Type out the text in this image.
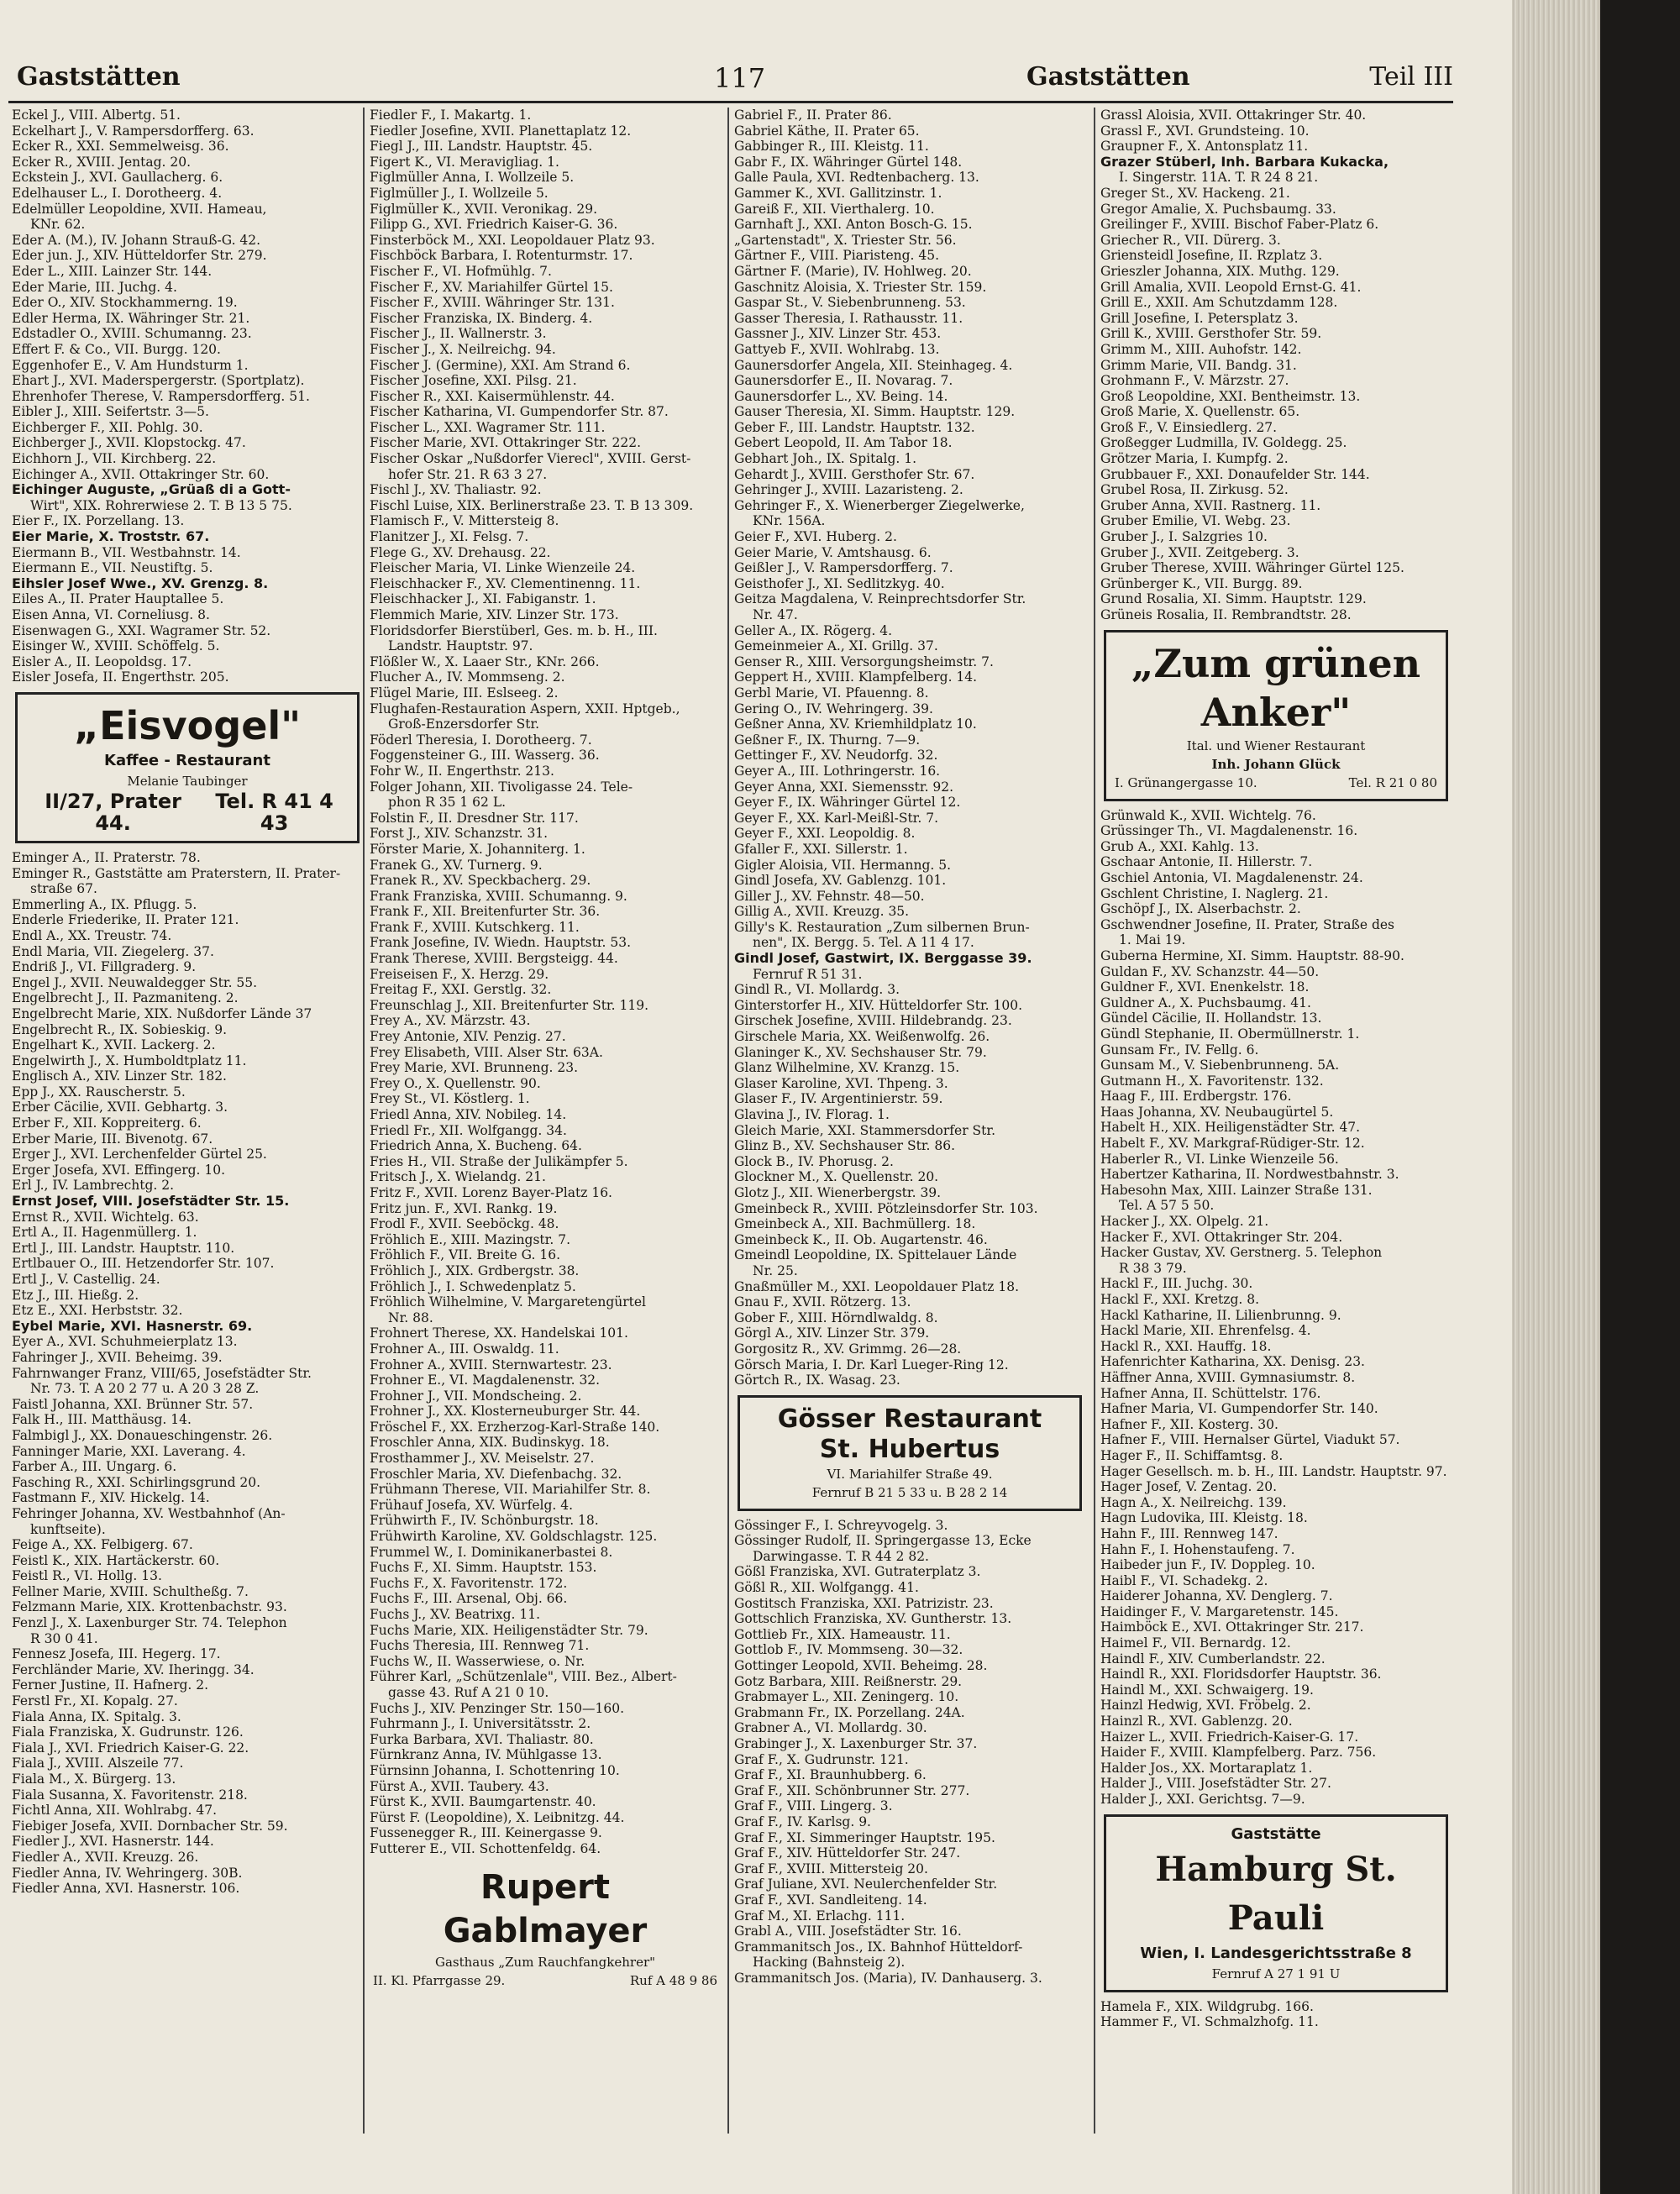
Gaststätten	117	Gaststätten	Teil III
Eckel J., VIII. Albertg. 51.
Eckelhart J., V. Rampersdorfferg. 63.
Ecker R., XXI. Semmelweisg. 36.
Ecker R., XVIII. Jentag. 20.
Eckstein J., XVI. Gaullacherg. 6.
Edelhauser L., I. Dorotheerg. 4.
Edelmüller Leopoldine, XVII. Hameau,
KNr. 62.
Eder A. (M.), IV. Johann Strauß-G. 42.
Eder jun. J., XIV. Hütteldorfer Str. 279.
Eder L., XIII. Lainzer Str. 144.
Eder Marie, III. Juchg. 4.
Eder O., XIV. Stockhammerng. 19.
Edler Herma, IX. Währinger Str. 21.
Edstadler O., XVIII. Schumanng. 23.
Effert F. & Co., VII. Burgg. 120.
Eggenhofer E., V. Am Hundsturm 1.
Ehart J., XVI. Maderspergerstr. (Sportplatz).
Ehrenhofer Therese, V. Rampersdorfferg. 51.
Eibler J., XIII. Seifertstr. 3—5.
Eichberger F., XII. Pohlg. 30.
Eichberger J., XVII. Klopstockg. 47.
Eichhorn J., VII. Kirchberg. 22.
Eichinger A., XVII. Ottakringer Str. 60.
Eichinger Auguste, „Grüaß di a Gott-
Wirt", XIX. Rohrerwiese 2. T. B 13 5 75.
Eier F., IX. Porzellang. 13.
Eier Marie, X. Troststr. 67.
Eiermann B., VII. Westbahnstr. 14.
Eiermann E., VII. Neustiftg. 5.
Eihsler Josef Wwe., XV. Grenzg. 8.
Eiles A., II. Prater Hauptallee 5.
Eisen Anna, VI. Corneliusg. 8.
Eisenwagen G., XXI. Wagramer Str. 52.
Eisinger W., XVIII. Schöffelg. 5.
Eisler A., II. Leopoldsg. 17.
Eisler Josefa, II. Engerthstr. 205.
„Eisvogel"
Kaffee - Restaurant
Melanie Taubinger
II/27, Prater 44.
Tel. R 41 4 43
Eminger A., II. Praterstr. 78.
Eminger R., Gaststätte am Praterstern, II. Prater-
straße 67.
Emmerling A., IX. Pflugg. 5.
Enderle Friederike, II. Prater 121.
Endl A., XX. Treustr. 74.
Endl Maria, VII. Ziegelerg. 37.
Endriß J., VI. Fillgraderg. 9.
Engel J., XVII. Neuwaldegger Str. 55.
Engelbrecht J., II. Pazmaniteng. 2.
Engelbrecht Marie, XIX. Nußdorfer Lände 37
Engelbrecht R., IX. Sobieskig. 9.
Engelhart K., XVII. Lackerg. 2.
Engelwirth J., X. Humboldtplatz 11.
Englisch A., XIV. Linzer Str. 182.
Epp J., XX. Rauscherstr. 5.
Erber Cäcilie, XVII. Gebhartg. 3.
Erber F., XII. Koppreiterg. 6.
Erber Marie, III. Bivenotg. 67.
Erger J., XVI. Lerchenfelder Gürtel 25.
Erger Josefa, XVI. Effingerg. 10.
Erl J., IV. Lambrechtg. 2.
Ernst Josef, VIII. Josefstädter Str. 15.
Ernst R., XVII. Wichtelg. 63.
Ertl A., II. Hagenmüllerg. 1.
Ertl J., III. Landstr. Hauptstr. 110.
Ertlbauer O., III. Hetzendorfer Str. 107.
Ertl J., V. Castellig. 24.
Etz J., III. Hießg. 2.
Etz E., XXI. Herbststr. 32.
Eybel Marie, XVI. Hasnerstr. 69.
Eyer A., XVI. Schuhmeierplatz 13.
Fahringer J., XVII. Beheimg. 39.
Fahrnwanger Franz, VIII/65, Josefstädter Str.
Nr. 73. T. A 20 2 77 u. A 20 3 28 Z.
Faistl Johanna, XXI. Brünner Str. 57.
Falk H., III. Matthäusg. 14.
Falmbigl J., XX. Donaueschingenstr. 26.
Fanninger Marie, XXI. Laverang. 4.
Farber A., III. Ungarg. 6.
Fasching R., XXI. Schirlingsgrund 20.
Fastmann F., XIV. Hickelg. 14.
Fehringer Johanna, XV. Westbahnhof (An-
kunftseite).
Feige A., XX. Felbigerg. 67.
Feistl K., XIX. Hartäckerstr. 60.
Feistl R., VI. Hollg. 13.
Fellner Marie, XVIII. Schultheßg. 7.
Felzmann Marie, XIX. Krottenbachstr. 93.
Fenzl J., X. Laxenburger Str. 74. Telephon
R 30 0 41.
Fennesz Josefa, III. Hegerg. 17.
Ferchländer Marie, XV. Iheringg. 34.
Ferner Justine, II. Hafnerg. 2.
Ferstl Fr., XI. Kopalg. 27.
Fiala Anna, IX. Spitalg. 3.
Fiala Franziska, X. Gudrunstr. 126.
Fiala J., XVI. Friedrich Kaiser-G. 22.
Fiala J., XVIII. Alszeile 77.
Fiala M., X. Bürgerg. 13.
Fiala Susanna, X. Favoritenstr. 218.
Fichtl Anna, XII. Wohlrabg. 47.
Fiebiger Josefa, XVII. Dornbacher Str. 59.
Fiedler J., XVI. Hasnerstr. 144.
Fiedler A., XVII. Kreuzg. 26.
Fiedler Anna, IV. Wehringerg. 30B.
Fiedler Anna, XVI. Hasnerstr. 106.
Fiedler F., I. Makartg. 1.
Fiedler Josefine, XVII. Planettaplatz 12.
Fiegl J., III. Landstr. Hauptstr. 45.
Figert K., VI. Meravigliag. 1.
Figlmüller Anna, I. Wollzeile 5.
Figlmüller J., I. Wollzeile 5.
Figlmüller K., XVII. Veronikag. 29.
Filipp G., XVI. Friedrich Kaiser-G. 36.
Finsterböck M., XXI. Leopoldauer Platz 93.
Fischböck Barbara, I. Rotenturmstr. 17.
Fischer F., VI. Hofmühlg. 7.
Fischer F., XV. Mariahilfer Gürtel 15.
Fischer F., XVIII. Währinger Str. 131.
Fischer Franziska, IX. Binderg. 4.
Fischer J., II. Wallnerstr. 3.
Fischer J., X. Neilreichg. 94.
Fischer J. (Germine), XXI. Am Strand 6.
Fischer Josefine, XXI. Pilsg. 21.
Fischer R., XXI. Kaisermühlenstr. 44.
Fischer Katharina, VI. Gumpendorfer Str. 87.
Fischer L., XXI. Wagramer Str. 111.
Fischer Marie, XVI. Ottakringer Str. 222.
Fischer Oskar „Nußdorfer Vierecl", XVIII. Gerst-
hofer Str. 21. R 63 3 27.
Fischl J., XV. Thaliastr. 92.
Fischl Luise, XIX. Berlinerstraße 23. T. B 13 309.
Flamisch F., V. Mittersteig 8.
Flanitzer J., XI. Felsg. 7.
Flege G., XV. Drehausg. 22.
Fleischer Maria, VI. Linke Wienzeile 24.
Fleischhacker F., XV. Clementinenng. 11.
Fleischhacker J., XI. Fabiganstr. 1.
Flemmich Marie, XIV. Linzer Str. 173.
Floridsdorfer Bierstüberl, Ges. m. b. H., III.
Landstr. Hauptstr. 97.
Flößler W., X. Laaer Str., KNr. 266.
Flucher A., IV. Mommseng. 2.
Flügel Marie, III. Eslseeg. 2.
Flughafen-Restauration Aspern, XXII. Hptgeb.,
Groß-Enzersdorfer Str.
Föderl Theresia, I. Dorotheerg. 7.
Foggensteiner G., III. Wasserg. 36.
Fohr W., II. Engerthstr. 213.
Folger Johann, XII. Tivoligasse 24. Tele-
phon R 35 1 62 L.
Folstin F., II. Dresdner Str. 117.
Forst J., XIV. Schanzstr. 31.
Förster Marie, X. Johanniterg. 1.
Franek G., XV. Turnerg. 9.
Franek R., XV. Speckbacherg. 29.
Frank Franziska, XVIII. Schumanng. 9.
Frank F., XII. Breitenfurter Str. 36.
Frank F., XVIII. Kutschkerg. 11.
Frank Josefine, IV. Wiedn. Hauptstr. 53.
Frank Therese, XVIII. Bergsteigg. 44.
Freiseisen F., X. Herzg. 29.
Freitag F., XXI. Gerstlg. 32.
Freunschlag J., XII. Breitenfurter Str. 119.
Frey A., XV. Märzstr. 43.
Frey Antonie, XIV. Penzig. 27.
Frey Elisabeth, VIII. Alser Str. 63A.
Frey Marie, XVI. Brunneng. 23.
Frey O., X. Quellenstr. 90.
Frey St., VI. Köstlerg. 1.
Friedl Anna, XIV. Nobileg. 14.
Friedl Fr., XII. Wolfgangg. 34.
Friedrich Anna, X. Bucheng. 64.
Fries H., VII. Straße der Julikämpfer 5.
Fritsch J., X. Wielandg. 21.
Fritz F., XVII. Lorenz Bayer-Platz 16.
Fritz jun. F., XVI. Rankg. 19.
Frodl F., XVII. Seeböckg. 48.
Fröhlich E., XIII. Mazingstr. 7.
Fröhlich F., VII. Breite G. 16.
Fröhlich J., XIX. Grdbergstr. 38.
Fröhlich J., I. Schwedenplatz 5.
Fröhlich Wilhelmine, V. Margaretengürtel
Nr. 88.
Frohnert Therese, XX. Handelskai 101.
Frohner A., III. Oswaldg. 11.
Frohner A., XVIII. Sternwartestr. 23.
Frohner E., VI. Magdalenenstr. 32.
Frohner J., VII. Mondscheing. 2.
Frohner J., XX. Klosterneuburger Str. 44.
Fröschel F., XX. Erzherzog-Karl-Straße 140.
Froschler Anna, XIX. Budinskyg. 18.
Frosthammer J., XV. Meiselstr. 27.
Froschler Maria, XV. Diefenbachg. 32.
Frühmann Therese, VII. Mariahilfer Str. 8.
Frühauf Josefa, XV. Würfelg. 4.
Frühwirth F., IV. Schönburgstr. 18.
Frühwirth Karoline, XV. Goldschlagstr. 125.
Frummel W., I. Dominikanerbastei 8.
Fuchs F., XI. Simm. Hauptstr. 153.
Fuchs F., X. Favoritenstr. 172.
Fuchs F., III. Arsenal, Obj. 66.
Fuchs J., XV. Beatrixg. 11.
Fuchs Marie, XIX. Heiligenstädter Str. 79.
Fuchs Theresia, III. Rennweg 71.
Fuchs W., II. Wasserwiese, o. Nr.
Führer Karl, „Schützenlale", VIII. Bez., Albert-
gasse 43. Ruf A 21 0 10.
Fuchs J., XIV. Penzinger Str. 150—160.
Fuhrmann J., I. Universitätsstr. 2.
Furka Barbara, XVI. Thaliastr. 80.
Fürnkranz Anna, IV. Mühlgasse 13.
Fürnsinn Johanna, I. Schottenring 10.
Fürst A., XVII. Taubery. 43.
Fürst K., XVII. Baumgartenstr. 40.
Fürst F. (Leopoldine), X. Leibnitzg. 44.
Fussenegger R., III. Keinergasse 9.
Futterer E., VII. Schottenfeldg. 64.
Rupert Gablmayer
Gasthaus „Zum Rauchfangkehrer"
II. Kl. Pfarrgasse 29.	Ruf A 48 9 86
Gabriel F., II. Prater 86.
Gabriel Käthe, II. Prater 65.
Gabbinger R., III. Kleistg. 11.
Gabr F., IX. Währinger Gürtel 148.
Galle Paula, XVI. Redtenbacherg. 13.
Gammer K., XVI. Gallitzinstr. 1.
Gareiß F., XII. Vierthalerg. 10.
Garnhaft J., XXI. Anton Bosch-G. 15.
„Gartenstadt", X. Triester Str. 56.
Gärtner F., VIII. Piaristeng. 45.
Gärtner F. (Marie), IV. Hohlweg. 20.
Gaschnitz Aloisia, X. Triester Str. 159.
Gaspar St., V. Siebenbrunneng. 53.
Gasser Theresia, I. Rathausstr. 11.
Gassner J., XIV. Linzer Str. 453.
Gattyeb F., XVII. Wohlrabg. 13.
Gaunersdorfer Angela, XII. Steinhageg. 4.
Gaunersdorfer E., II. Novarag. 7.
Gaunersdorfer L., XV. Being. 14.
Gauser Theresia, XI. Simm. Hauptstr. 129.
Geber F., III. Landstr. Hauptstr. 132.
Gebert Leopold, II. Am Tabor 18.
Gebhart Joh., IX. Spitalg. 1.
Gehardt J., XVIII. Gersthofer Str. 67.
Gehringer J., XVIII. Lazaristeng. 2.
Gehringer F., X. Wienerberger Ziegelwerke,
KNr. 156A.
Geier F., XVI. Huberg. 2.
Geier Marie, V. Amtshausg. 6.
Geißler J., V. Rampersdorfferg. 7.
Geisthofer J., XI. Sedlitzkyg. 40.
Geitza Magdalena, V. Reinprechtsdorfer Str.
Nr. 47.
Geller A., IX. Rögerg. 4.
Gemeinmeier A., XI. Grillg. 37.
Genser R., XIII. Versorgungsheimstr. 7.
Geppert H., XVIII. Klampfelberg. 14.
Gerbl Marie, VI. Pfauenng. 8.
Gering O., IV. Wehringerg. 39.
Geßner Anna, XV. Kriemhildplatz 10.
Geßner F., IX. Thurng. 7—9.
Gettinger F., XV. Neudorfg. 32.
Geyer A., III. Lothringerstr. 16.
Geyer Anna, XXI. Siemensstr. 92.
Geyer F., IX. Währinger Gürtel 12.
Geyer F., XX. Karl-Meißl-Str. 7.
Geyer F., XXI. Leopoldig. 8.
Gfaller F., XXI. Sillerstr. 1.
Gigler Aloisia, VII. Hermanng. 5.
Gindl Josefa, XV. Gablenzg. 101.
Giller J., XV. Fehnstr. 48—50.
Gillig A., XVII. Kreuzg. 35.
Gilly's K. Restauration „Zum silbernen Brun-
nen", IX. Bergg. 5. Tel. A 11 4 17.
Gindl Josef, Gastwirt, IX. Berggasse 39.
Fernruf R 51 31.
Gindl R., VI. Mollardg. 3.
Ginterstorfer H., XIV. Hütteldorfer Str. 100.
Girschek Josefine, XVIII. Hildebrandg. 23.
Girschele Maria, XX. Weißenwolfg. 26.
Glaninger K., XV. Sechshauser Str. 79.
Glanz Wilhelmine, XV. Kranzg. 15.
Glaser Karoline, XVI. Thpeng. 3.
Glaser F., IV. Argentinierstr. 59.
Glavina J., IV. Florag. 1.
Gleich Marie, XXI. Stammersdorfer Str.
Glinz B., XV. Sechshauser Str. 86.
Glock B., IV. Phorusg. 2.
Glockner M., X. Quellenstr. 20.
Glotz J., XII. Wienerbergstr. 39.
Gmeinbeck R., XVIII. Pötzleinsdorfer Str. 103.
Gmeinbeck A., XII. Bachmüllerg. 18.
Gmeinbeck K., II. Ob. Augartenstr. 46.
Gmeindl Leopoldine, IX. Spittelauer Lände
Nr. 25.
Gnaßmüller M., XXI. Leopoldauer Platz 18.
Gnau F., XVII. Rötzerg. 13.
Gober F., XIII. Hörndlwaldg. 8.
Görgl A., XIV. Linzer Str. 379.
Gorgositz R., XV. Grimmg. 26—28.
Görsch Maria, I. Dr. Karl Lueger-Ring 12.
Görtch R., IX. Wasag. 23.
Gösser Restaurant
St. Hubertus
VI. Mariahilfer Straße 49.
Fernruf B 21 5 33 u. B 28 2 14
Gössinger F., I. Schreyvogelg. 3.
Gössinger Rudolf, II. Springergasse 13, Ecke
Darwingasse. T. R 44 2 82.
Gößl Franziska, XVI. Gutraterplatz 3.
Gößl R., XII. Wolfgangg. 41.
Gostitsch Franziska, XXI. Patrizistr. 23.
Gottschlich Franziska, XV. Guntherstr. 13.
Gottlieb Fr., XIX. Hameaustr. 11.
Gottlob F., IV. Mommseng. 30—32.
Gottinger Leopold, XVII. Beheimg. 28.
Gotz Barbara, XIII. Reißnerstr. 29.
Grabmayer L., XII. Zeningerg. 10.
Grabmann Fr., IX. Porzellang. 24A.
Grabner A., VI. Mollardg. 30.
Grabinger J., X. Laxenburger Str. 37.
Graf F., X. Gudrunstr. 121.
Graf F., XI. Braunhubberg. 6.
Graf F., XII. Schönbrunner Str. 277.
Graf F., VIII. Lingerg. 3.
Graf F., IV. Karlsg. 9.
Graf F., XI. Simmeringer Hauptstr. 195.
Graf F., XIV. Hütteldorfer Str. 247.
Graf F., XVIII. Mittersteig 20.
Graf Juliane, XVI. Neulerchenfelder Str.
Graf F., XVI. Sandleiteng. 14.
Graf M., XI. Erlachg. 111.
Grabl A., VIII. Josefstädter Str. 16.
Grammanitsch Jos., IX. Bahnhof Hütteldorf-
Hacking (Bahnsteig 2).
Grammanitsch Jos. (Maria), IV. Danhauserg. 3.
Grassl Aloisia, XVII. Ottakringer Str. 40.
Grassl F., XVI. Grundsteing. 10.
Graupner F., X. Antonsplatz 11.
Grazer Stüberl, Inh. Barbara Kukacka,
I. Singerstr. 11A. T. R 24 8 21.
Greger St., XV. Hackeng. 21.
Gregor Amalie, X. Puchsbaumg. 33.
Greilinger F., XVIII. Bischof Faber-Platz 6.
Griecher R., VII. Dürerg. 3.
Griensteidl Josefine, II. Rzplatz 3.
Grieszler Johanna, XIX. Muthg. 129.
Grill Amalia, XVII. Leopold Ernst-G. 41.
Grill E., XXII. Am Schutzdamm 128.
Grill Josefine, I. Petersplatz 3.
Grill K., XVIII. Gersthofer Str. 59.
Grimm M., XIII. Auhofstr. 142.
Grimm Marie, VII. Bandg. 31.
Grohmann F., V. Märzstr. 27.
Groß Leopoldine, XXI. Bentheimstr. 13.
Groß Marie, X. Quellenstr. 65.
Groß F., V. Einsiedlerg. 27.
Großegger Ludmilla, IV. Goldegg. 25.
Grötzer Maria, I. Kumpfg. 2.
Grubbauer F., XXI. Donaufelder Str. 144.
Grubel Rosa, II. Zirkusg. 52.
Gruber Anna, XVII. Rastnerg. 11.
Gruber Emilie, VI. Webg. 23.
Gruber J., I. Salzgries 10.
Gruber J., XVII. Zeitgeberg. 3.
Gruber Therese, XVIII. Währinger Gürtel 125.
Grünberger K., VII. Burgg. 89.
Grund Rosalia, XI. Simm. Hauptstr. 129.
Grüneis Rosalia, II. Rembrandtstr. 28.
„Zum grünen Anker"
Ital. und Wiener Restaurant
Inh. Johann Glück
I. Grünangergasse 10.	Tel. R 21 0 80
Grünwald K., XVII. Wichtelg. 76.
Grüssinger Th., VI. Magdalenenstr. 16.
Grub A., XXI. Kahlg. 13.
Gschaar Antonie, II. Hillerstr. 7.
Gschiel Antonia, VI. Magdalenenstr. 24.
Gschlent Christine, I. Naglerg. 21.
Gschöpf J., IX. Alserbachstr. 2.
Gschwendner Josefine, II. Prater, Straße des
1. Mai 19.
Guberna Hermine, XI. Simm. Hauptstr. 88-90.
Guldan F., XV. Schanzstr. 44—50.
Guldner F., XVI. Enenkelstr. 18.
Guldner A., X. Puchsbaumg. 41.
Gündel Cäcilie, II. Hollandstr. 13.
Gündl Stephanie, II. Obermüllnerstr. 1.
Gunsam Fr., IV. Fellg. 6.
Gunsam M., V. Siebenbrunneng. 5A.
Gutmann H., X. Favoritenstr. 132.
Haag F., III. Erdbergstr. 176.
Haas Johanna, XV. Neubaugürtel 5.
Habelt H., XIX. Heiligenstädter Str. 47.
Habelt F., XV. Markgraf-Rüdiger-Str. 12.
Haberler R., VI. Linke Wienzeile 56.
Habertzer Katharina, II. Nordwestbahnstr. 3.
Habesohn Max, XIII. Lainzer Straße 131.
Tel. A 57 5 50.
Hacker J., XX. Olpelg. 21.
Hacker F., XVI. Ottakringer Str. 204.
Hacker Gustav, XV. Gerstnerg. 5. Telephon
R 38 3 79.
Hackl F., III. Juchg. 30.
Hackl F., XXI. Kretzg. 8.
Hackl Katharine, II. Lilienbrunng. 9.
Hackl Marie, XII. Ehrenfelsg. 4.
Hackl R., XXI. Hauffg. 18.
Hafenrichter Katharina, XX. Denisg. 23.
Häffner Anna, XVIII. Gymnasiumstr. 8.
Hafner Anna, II. Schüttelstr. 176.
Hafner Maria, VI. Gumpendorfer Str. 140.
Hafner F., XII. Kosterg. 30.
Hafner F., VIII. Hernalser Gürtel, Viadukt 57.
Hager F., II. Schiffamtsg. 8.
Hager Gesellsch. m. b. H., III. Landstr. Hauptstr. 97.
Hager Josef, V. Zentag. 20.
Hagn A., X. Neilreichg. 139.
Hagn Ludovika, III. Kleistg. 18.
Hahn F., III. Rennweg 147.
Hahn F., I. Hohenstaufeng. 7.
Haibeder jun F., IV. Doppleg. 10.
Haibl F., VI. Schadekg. 2.
Haiderer Johanna, XV. Denglerg. 7.
Haidinger F., V. Margaretenstr. 145.
Haimböck E., XVI. Ottakringer Str. 217.
Haimel F., VII. Bernardg. 12.
Haindl F., XIV. Cumberlandstr. 22.
Haindl R., XXI. Floridsdorfer Hauptstr. 36.
Haindl M., XXI. Schwaigerg. 19.
Hainzl Hedwig, XVI. Fröbelg. 2.
Hainzl R., XVI. Gablenzg. 20.
Haizer L., XVII. Friedrich-Kaiser-G. 17.
Haider F., XVIII. Klampfelberg. Parz. 756.
Halder Jos., XX. Mortaraplatz 1.
Halder J., VIII. Josefstädter Str. 27.
Halder J., XXI. Gerichtsg. 7—9.
Gaststätte
Hamburg St. Pauli
Wien, I. Landesgerichtsstraße 8
Fernruf A 27 1 91 U
Hamela F., XIX. Wildgrubg. 166.
Hammer F., VI. Schmalzhofg. 11.
